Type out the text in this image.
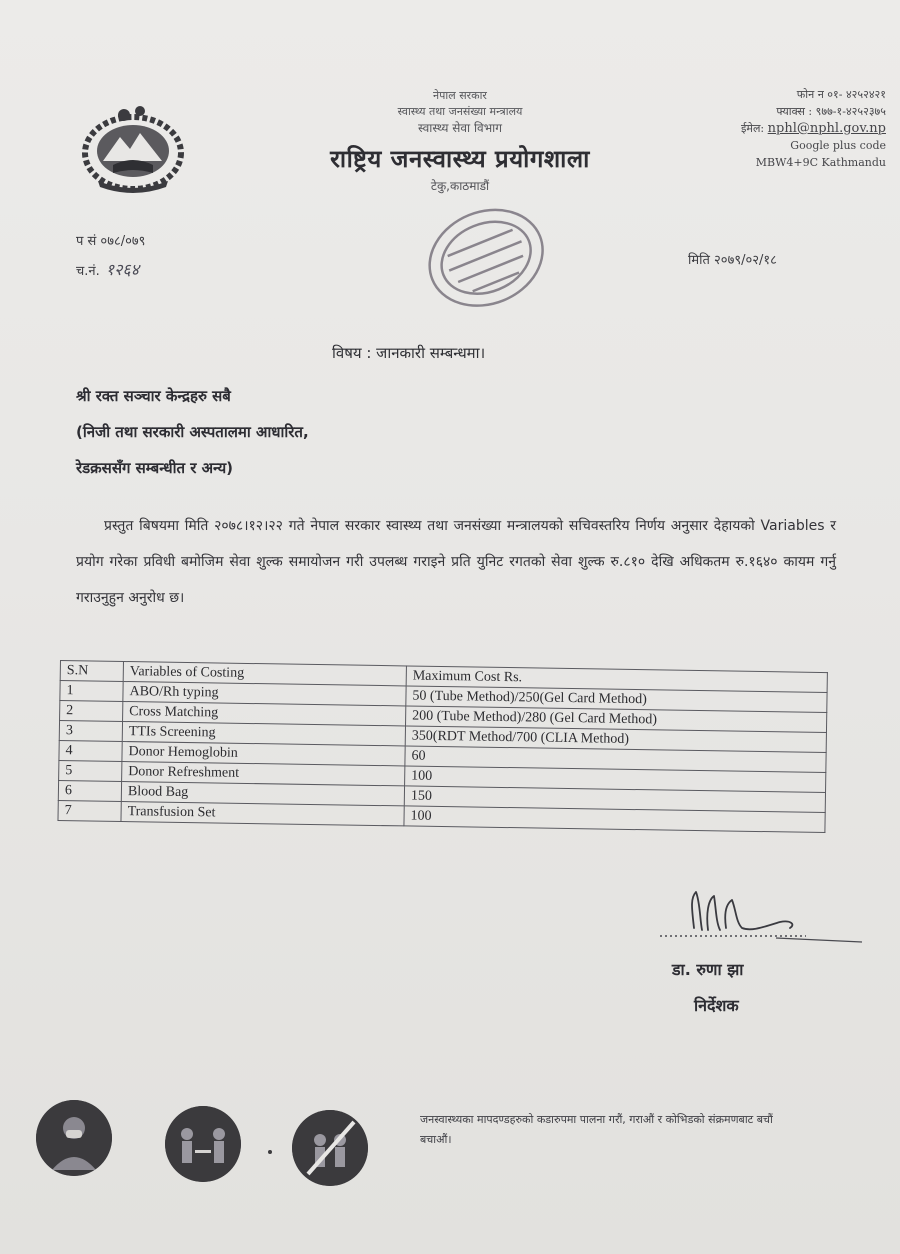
नेपाल सरकार
स्वास्थ्य तथा जनसंख्या मन्त्रालय
स्वास्थ्य सेवा विभाग
राष्ट्रिय जनस्वास्थ्य प्रयोगशाला
टेकु,काठमाडौं
फोन न ०१- ४२५२४२१
फ्याक्स : ९७७-१-४२५२३७५
ईमेल: nphl@nphl.gov.np
Google plus code
MBW4+9C Kathmandu
प सं ०७८/०७९
च.नं. १२६४	मिति २०७९/०२/१८
विषय : जानकारी सम्बन्धमा।
श्री रक्त सञ्चार केन्द्रहरु सबै
(निजी तथा सरकारी अस्पतालमा आधारित,
रेडक्रससँग सम्बन्धीत र अन्य)
प्रस्तुत बिषयमा मिति २०७८।१२।२२ गते नेपाल सरकार स्वास्थ्य तथा जनसंख्या मन्त्रालयको सचिवस्तरिय निर्णय अनुसार देहायको Variables र प्रयोग गरेका प्रविधी बमोजिम सेवा शुल्क समायोजन गरी उपलब्ध गराइने प्रति युनिट रगतको सेवा शुल्क रु.८१० देखि अधिकतम रु.१६४० कायम गर्नु गराउनुहुन अनुरोध छ।
S.N	Variables of Costing	Maximum Cost Rs.
1	ABO/Rh typing	50 (Tube Method)/250(Gel Card Method)
2	Cross Matching	200 (Tube Method)/280 (Gel Card Method)
3	TTIs Screening	350(RDT Method/700 (CLIA Method)
4	Donor Hemoglobin	60
5	Donor Refreshment	100
6	Blood Bag	150
7	Transfusion Set	100
डा. रुणा झा
निर्देशक
जनस्वास्थ्यका मापदण्डहरुको कडारुपमा पालना गरौं, गराऔं र कोभिडको संक्रमणबाट बचौं बचाऔं।
